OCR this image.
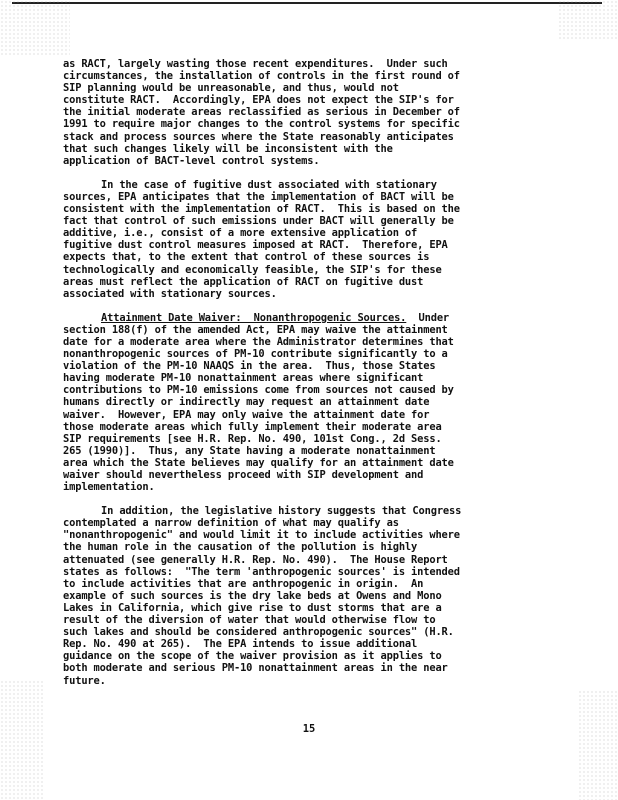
as RACT, largely wasting those recent expenditures.  Under such
circumstances, the installation of controls in the first round of
SIP planning would be unreasonable, and thus, would not
constitute RACT.  Accordingly, EPA does not expect the SIP's for
the initial moderate areas reclassified as serious in December of
1991 to require major changes to the control systems for specific
stack and process sources where the State reasonably anticipates
that such changes likely will be inconsistent with the
application of BACT-level control systems.
In the case of fugitive dust associated with stationary
sources, EPA anticipates that the implementation of BACT will be
consistent with the implementation of RACT.  This is based on the
fact that control of such emissions under BACT will generally be
additive, i.e., consist of a more extensive application of
fugitive dust control measures imposed at RACT.  Therefore, EPA
expects that, to the extent that control of these sources is
technologically and economically feasible, the SIP's for these
areas must reflect the application of RACT on fugitive dust
associated with stationary sources.
Attainment Date Waiver:  Nonanthropogenic Sources.  Under
section 188(f) of the amended Act, EPA may waive the attainment
date for a moderate area where the Administrator determines that
nonanthropogenic sources of PM-10 contribute significantly to a
violation of the PM-10 NAAQS in the area.  Thus, those States
having moderate PM-10 nonattainment areas where significant
contributions to PM-10 emissions come from sources not caused by
humans directly or indirectly may request an attainment date
waiver.  However, EPA may only waive the attainment date for
those moderate areas which fully implement their moderate area
SIP requirements [see H.R. Rep. No. 490, 101st Cong., 2d Sess.
265 (1990)].  Thus, any State having a moderate nonattainment
area which the State believes may qualify for an attainment date
waiver should nevertheless proceed with SIP development and
implementation.
In addition, the legislative history suggests that Congress
contemplated a narrow definition of what may qualify as
"nonanthropogenic" and would limit it to include activities where
the human role in the causation of the pollution is highly
attenuated (see generally H.R. Rep. No. 490).  The House Report
states as follows:  "The term 'anthropogenic sources' is intended
to include activities that are anthropogenic in origin.  An
example of such sources is the dry lake beds at Owens and Mono
Lakes in California, which give rise to dust storms that are a
result of the diversion of water that would otherwise flow to
such lakes and should be considered anthropogenic sources" (H.R.
Rep. No. 490 at 265).  The EPA intends to issue additional
guidance on the scope of the waiver provision as it applies to
both moderate and serious PM-10 nonattainment areas in the near
future.
15
